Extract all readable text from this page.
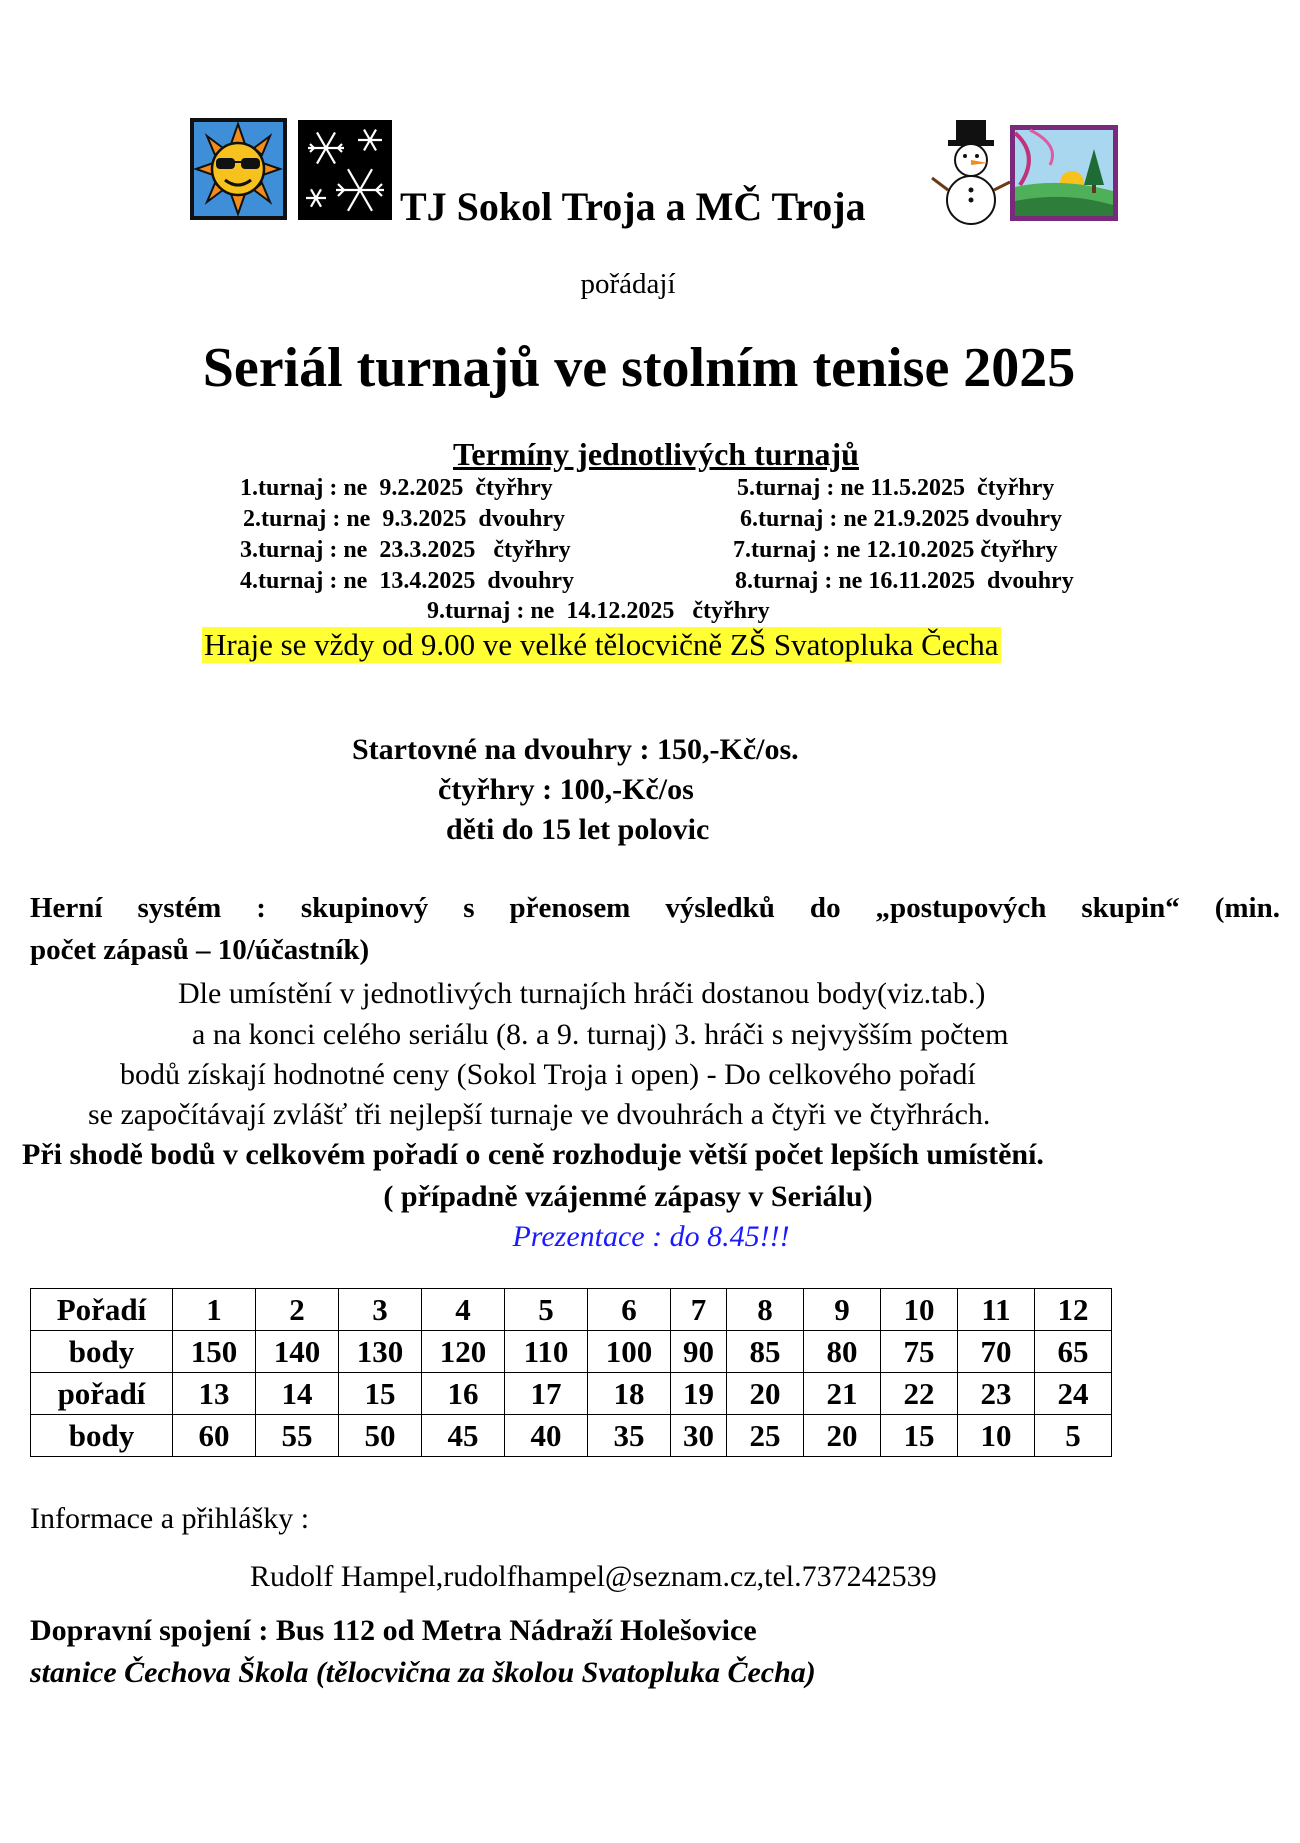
TJ Sokol Troja a MČ Troja
pořádají
Seriál turnajů ve stolním tenise 2025
Termíny jednotlivých turnajů
1.turnaj : ne  9.2.2025  čtyřhry
2.turnaj : ne  9.3.2025  dvouhry
3.turnaj : ne  23.3.2025   čtyřhry
4.turnaj : ne  13.4.2025  dvouhry
5.turnaj : ne 11.5.2025  čtyřhry
6.turnaj : ne 21.9.2025 dvouhry
7.turnaj : ne 12.10.2025 čtyřhry
8.turnaj : ne 16.11.2025  dvouhry
9.turnaj : ne  14.12.2025   čtyřhry
Hraje se vždy od 9.00 ve velké tělocvičně ZŠ Svatopluka Čecha
Startovné na dvouhry : 150,-Kč/os.
čtyřhry : 100,-Kč/os
děti do 15 let polovic
Herní systém : skupinový s přenosem výsledků do „postupových skupin“ (min.
počet zápasů – 10/účastník)
Dle umístění v jednotlivých turnajích hráči dostanou body(viz.tab.)
a na konci celého seriálu (8. a 9. turnaj) 3. hráči s nejvyšším počtem
bodů získají hodnotné ceny (Sokol Troja i open) - Do celkového pořadí
se započítávají zvlášť tři nejlepší turnaje ve dvouhrách a čtyři ve čtyřhrách.
Při shodě bodů v celkovém pořadí o ceně rozhoduje větší počet lepších umístění.
( případně vzájenmé zápasy v Seriálu)
Prezentace : do 8.45!!!
Pořadí	1	2	3	4	5	6	7	8	9	10	11	12
body	150	140	130	120	110	100	90	85	80	75	70	65
pořadí	13	14	15	16	17	18	19	20	21	22	23	24
body	60	55	50	45	40	35	30	25	20	15	10	5
Informace a přihlášky :
Rudolf Hampel,rudolfhampel@seznam.cz,tel.737242539
Dopravní spojení : Bus 112 od Metra Nádraží Holešovice
stanice Čechova Škola (tělocvična za školou Svatopluka Čecha)
